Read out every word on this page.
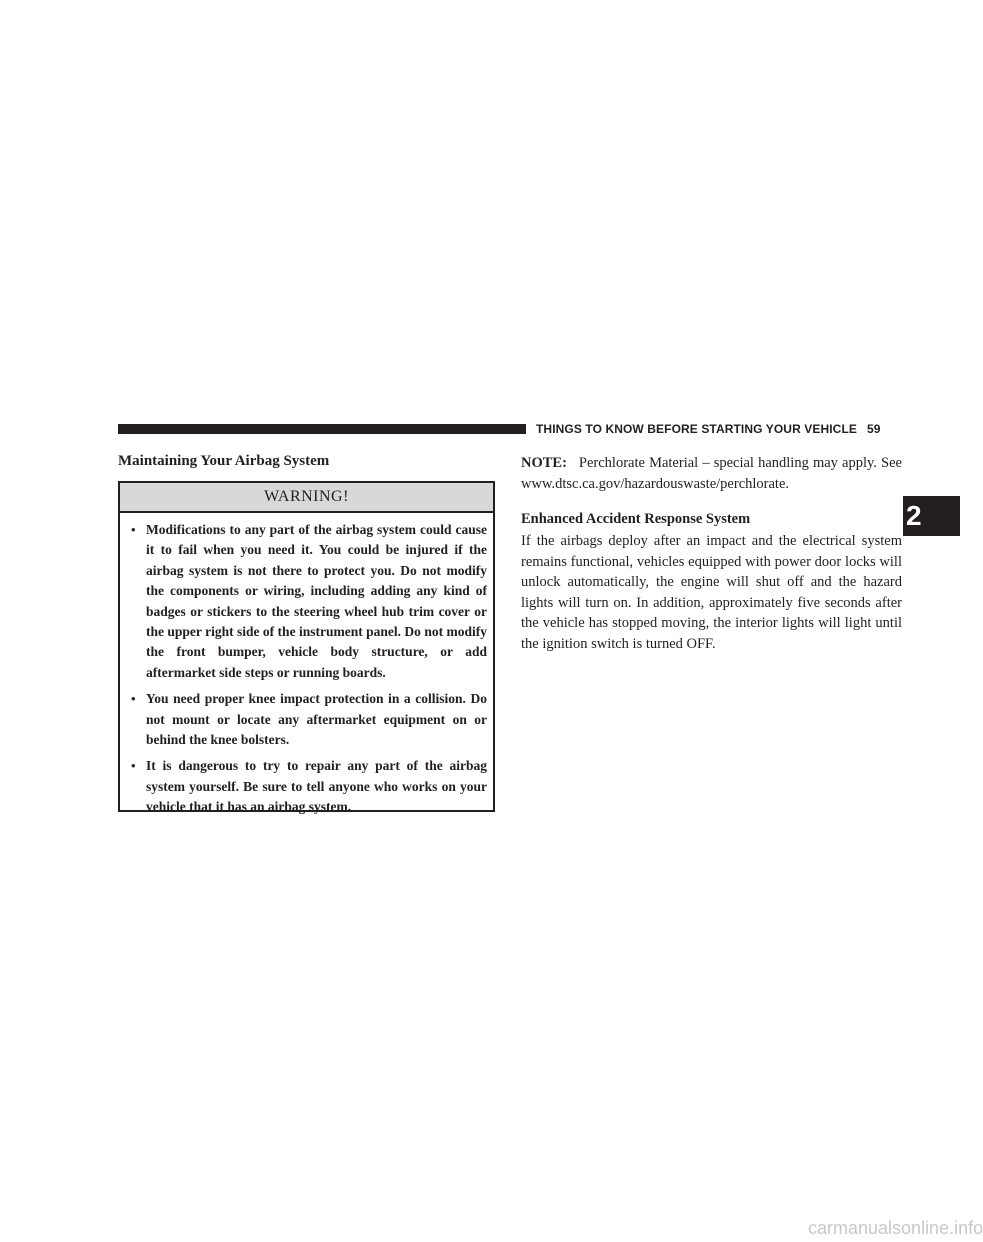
THINGS TO KNOW BEFORE STARTING YOUR VEHICLE 59
2
Maintaining Your Airbag System
WARNING!
• Modifications to any part of the airbag system could cause it to fail when you need it. You could be injured if the airbag system is not there to protect you. Do not modify the components or wiring, including adding any kind of badges or stickers to the steering wheel hub trim cover or the upper right side of the instrument panel. Do not modify the front bumper, vehicle body structure, or add aftermarket side steps or running boards.
• You need proper knee impact protection in a collision. Do not mount or locate any aftermarket equipment on or behind the knee bolsters.
• It is dangerous to try to repair any part of the airbag system yourself. Be sure to tell anyone who works on your vehicle that it has an airbag system.
NOTE: Perchlorate Material – special handling may apply. See www.dtsc.ca.gov/hazardouswaste/perchlorate.
Enhanced Accident Response System
If the airbags deploy after an impact and the electrical system remains functional, vehicles equipped with power door locks will unlock automatically, the engine will shut off and the hazard lights will turn on. In addition, approximately five seconds after the vehicle has stopped moving, the interior lights will light until the ignition switch is turned OFF.
carmanualsonline.info
